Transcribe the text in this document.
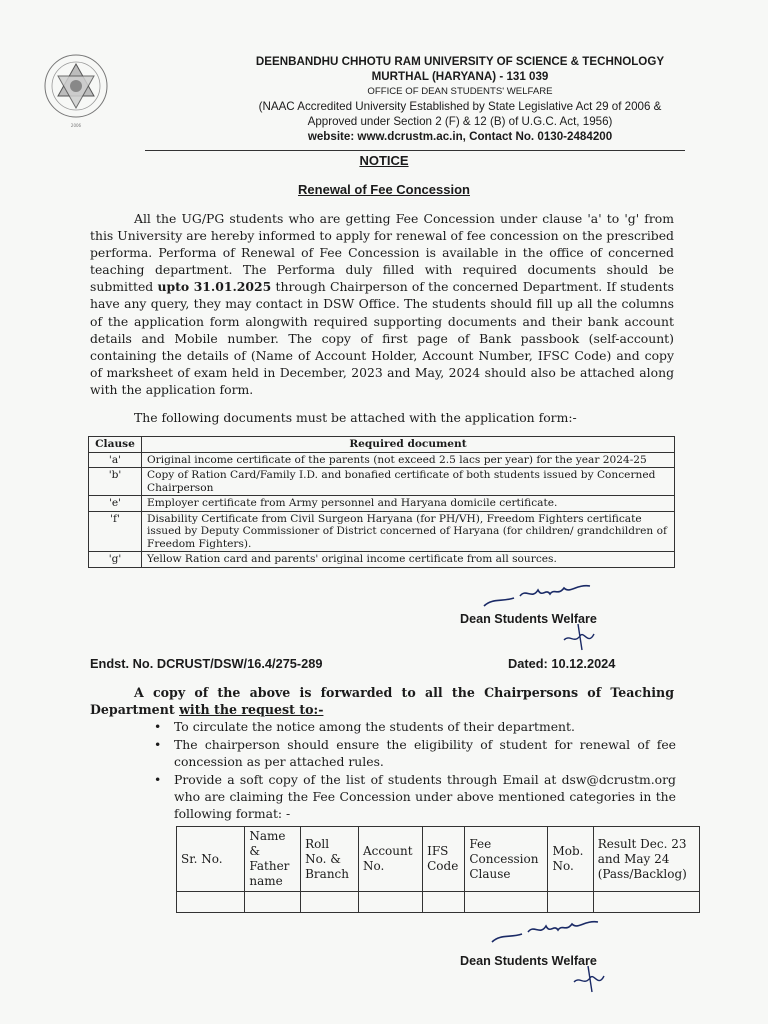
2006
DEENBANDHU CHHOTU RAM UNIVERSITY OF SCIENCE & TECHNOLOGY
MURTHAL (HARYANA) - 131 039
OFFICE OF DEAN STUDENTS' WELFARE
(NAAC Accredited University Established by State Legislative Act 29 of 2006 &
Approved under Section 2 (F) & 12 (B) of U.G.C. Act, 1956)
website: www.dcrustm.ac.in, Contact No. 0130-2484200
NOTICE
Renewal of Fee Concession
All the UG/PG students who are getting Fee Concession under clause 'a' to 'g' from this University are hereby informed to apply for renewal of fee concession on the prescribed performa. Performa of Renewal of Fee Concession is available in the office of concerned teaching department. The Performa duly filled with required documents should be submitted upto 31.01.2025 through Chairperson of the concerned Department. If students have any query, they may contact in DSW Office. The students should fill up all the columns of the application form alongwith required supporting documents and their bank account details and Mobile number. The copy of first page of Bank passbook (self-account) containing the details of (Name of Account Holder, Account Number, IFSC Code) and copy of marksheet of exam held in December, 2023 and May, 2024 should also be attached along with the application form.
The following documents must be attached with the application form:-
Clause	Required document
'a'	Original income certificate of the parents (not exceed 2.5 lacs per year) for the year 2024-25
'b'	Copy of Ration Card/Family I.D. and bonafied certificate of both students issued by Concerned Chairperson
'e'	Employer certificate from Army personnel and Haryana domicile certificate.
'f'	Disability Certificate from Civil Surgeon Haryana (for PH/VH), Freedom Fighters certificate issued by Deputy Commissioner of District concerned of Haryana (for children/ grandchildren of Freedom Fighters).
'g'	Yellow Ration card and parents' original income certificate from all sources.
Dean Students Welfare
Endst. No. DCRUST/DSW/16.4/275-289	Dated: 10.12.2024
A copy of the above is forwarded to all the Chairpersons of Teaching Department with the request to:-
• To circulate the notice among the students of their department.
• The chairperson should ensure the eligibility of student for renewal of fee concession as per attached rules.
• Provide a soft copy of the list of students through Email at dsw@dcrustm.org who are claiming the Fee Concession under above mentioned categories in the following format: -
Sr. No.	Name & Father name	Roll No. & Branch	Account No.	IFS Code	Fee Concession Clause	Mob. No.	Result Dec. 23 and May 24 (Pass/Backlog)

Dean Students Welfare
